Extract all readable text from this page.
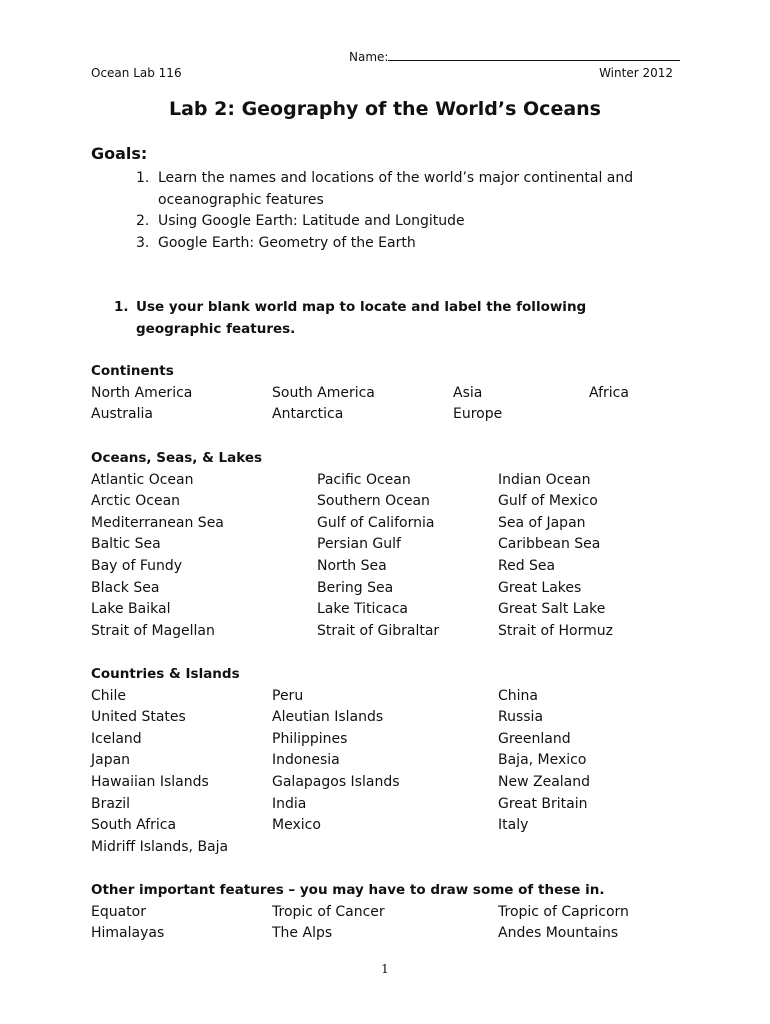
Name:
Ocean Lab 116	Winter 2012
Lab 2: Geography of the World’s Oceans
Goals:
1. Learn the names and locations of the world’s major continental and oceanographic features
2. Using Google Earth: Latitude and Longitude
3. Google Earth: Geometry of the Earth
1. Use your blank world map to locate and label the following geographic features.
Continents
North America	South America	Asia	Africa
Australia	Antarctica	Europe
Oceans, Seas, & Lakes
Atlantic Ocean	Pacific Ocean	Indian Ocean
Arctic Ocean	Southern Ocean	Gulf of Mexico
Mediterranean Sea	Gulf of California	Sea of Japan
Baltic Sea	Persian Gulf	Caribbean Sea
Bay of Fundy	North Sea	Red Sea
Black Sea	Bering Sea	Great Lakes
Lake Baikal	Lake Titicaca	Great Salt Lake
Strait of Magellan	Strait of Gibraltar	Strait of Hormuz
Countries & Islands
Chile	Peru	China
United States	Aleutian Islands	Russia
Iceland	Philippines	Greenland
Japan	Indonesia	Baja, Mexico
Hawaiian Islands	Galapagos Islands	New Zealand
Brazil	India	Great Britain
South Africa	Mexico	Italy
Midriff Islands, Baja
Other important features – you may have to draw some of these in.
Equator	Tropic of Cancer	Tropic of Capricorn
Himalayas	The Alps	Andes Mountains
1
